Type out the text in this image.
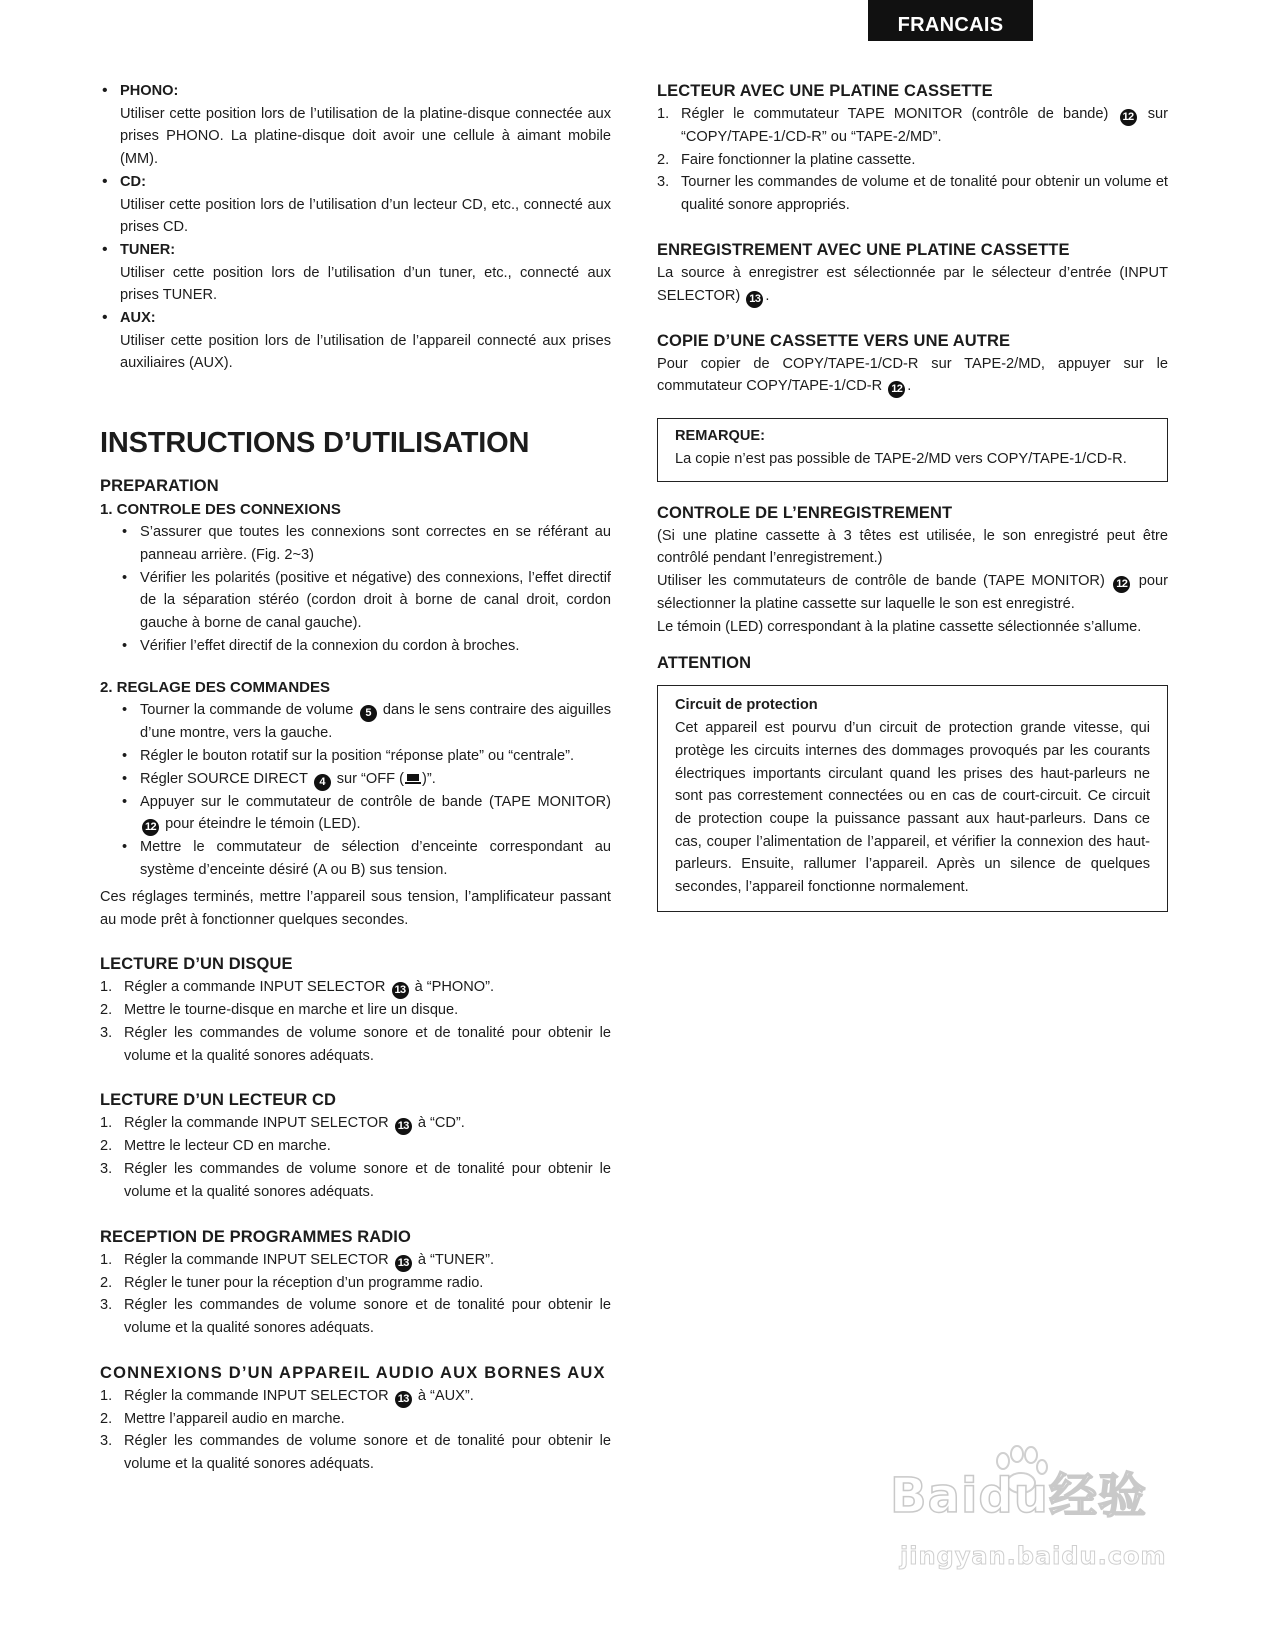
FRANCAIS
• PHONO:

Utiliser cette position lors de l’utilisation de la platine-disque connectée aux prises PHONO. La platine-disque doit avoir une cellule à aimant mobile (MM).

• CD:

Utiliser cette position lors de l’utilisation d’un lecteur CD, etc., connecté aux prises CD.

• TUNER:

Utiliser cette position lors de l’utilisation d’un tuner, etc., connecté aux prises TUNER.

• AUX:

Utiliser cette position lors de l’utilisation de l’appareil connecté aux prises auxiliaires (AUX).

INSTRUCTIONS D’UTILISATION
PREPARATION
1. CONTROLE DES CONNEXIONS
• S’assurer que toutes les connexions sont correctes en se référant au panneau arrière. (Fig. 2~3)
• Vérifier les polarités (positive et négative) des connexions, l’effet directif de la séparation stéréo (cordon droit à borne de canal droit, cordon gauche à borne de canal gauche).
• Vérifier l’effet directif de la connexion du cordon à broches.
2. REGLAGE DES COMMANDES
• Tourner la commande de volume 5 dans le sens contraire des aiguilles d’une montre, vers la gauche.
• Régler le bouton rotatif sur la position “réponse plate” ou “centrale”.
• Régler SOURCE DIRECT 4 sur “OFF ( )”.
• Appuyer sur le commutateur de contrôle de bande (TAPE MONITOR) 12 pour éteindre le témoin (LED).
• Mettre le commutateur de sélection d’enceinte correspondant au système d’enceinte désiré (A ou B) sus tension.

Ces réglages terminés, mettre l’appareil sous tension, l’amplificateur passant au mode prêt à fonctionner quelques secondes.

LECTURE D’UN DISQUE
1. Régler a commande INPUT SELECTOR 13 à “PHONO”.
2. Mettre le tourne-disque en marche et lire un disque.
3. Régler les commandes de volume sonore et de tonalité pour obtenir le volume et la qualité sonores adéquats.
LECTURE D’UN LECTEUR CD
1. Régler la commande INPUT SELECTOR 13 à “CD”.
2. Mettre le lecteur CD en marche.
3. Régler les commandes de volume sonore et de tonalité pour obtenir le volume et la qualité sonores adéquats.
RECEPTION DE PROGRAMMES RADIO
1. Régler la commande INPUT SELECTOR 13 à “TUNER”.
2. Régler le tuner pour la réception d’un programme radio.
3. Régler les commandes de volume sonore et de tonalité pour obtenir le volume et la qualité sonores adéquats.
CONNEXIONS D’UN APPAREIL AUDIO AUX BORNES AUX
1. Régler la commande INPUT SELECTOR 13 à “AUX”.
2. Mettre l’appareil audio en marche.
3. Régler les commandes de volume sonore et de tonalité pour obtenir le volume et la qualité sonores adéquats.
LECTEUR AVEC UNE PLATINE CASSETTE
1. Régler le commutateur TAPE MONITOR (contrôle de bande) 12 sur “COPY/TAPE-1/CD-R” ou “TAPE-2/MD”.
2. Faire fonctionner la platine cassette.
3. Tourner les commandes de volume et de tonalité pour obtenir un volume et qualité sonore appropriés.
ENREGISTREMENT AVEC UNE PLATINE CASSETTE

La source à enregistrer est sélectionnée par le sélecteur d’entrée (INPUT SELECTOR) 13 .

COPIE D’UNE CASSETTE VERS UNE AUTRE

Pour copier de COPY/TAPE-1/CD-R sur TAPE-2/MD, appuyer sur le commutateur COPY/TAPE-1/CD-R 12 .

REMARQUE:

La copie n’est pas possible de TAPE-2/MD vers COPY/TAPE-1/CD-R.

CONTROLE DE L’ENREGISTREMENT

(Si une platine cassette à 3 têtes est utilisée, le son enregistré peut être contrôlé pendant l’enregistrement.)

Utiliser les commutateurs de contrôle de bande (TAPE MONITOR) 12 pour sélectionner la platine cassette sur laquelle le son est enregistré.

Le témoin (LED) correspondant à la platine cassette sélectionnée s’allume.

ATTENTION
Circuit de protection

Cet appareil est pourvu d’un circuit de protection grande vitesse, qui protège les circuits internes des dommages provoqués par les courants électriques importants circulant quand les prises des haut-parleurs ne sont pas correstement connectées ou en cas de court-circuit. Ce circuit de protection coupe la puissance passant aux haut-parleurs. Dans ce cas, couper l’alimentation de l’appareil, et vérifier la connexion des haut-parleurs. Ensuite, rallumer l’appareil. Après un silence de quelques secondes, l’appareil fonctionne normalement.

Baidu经验
jingyan.baidu.com
